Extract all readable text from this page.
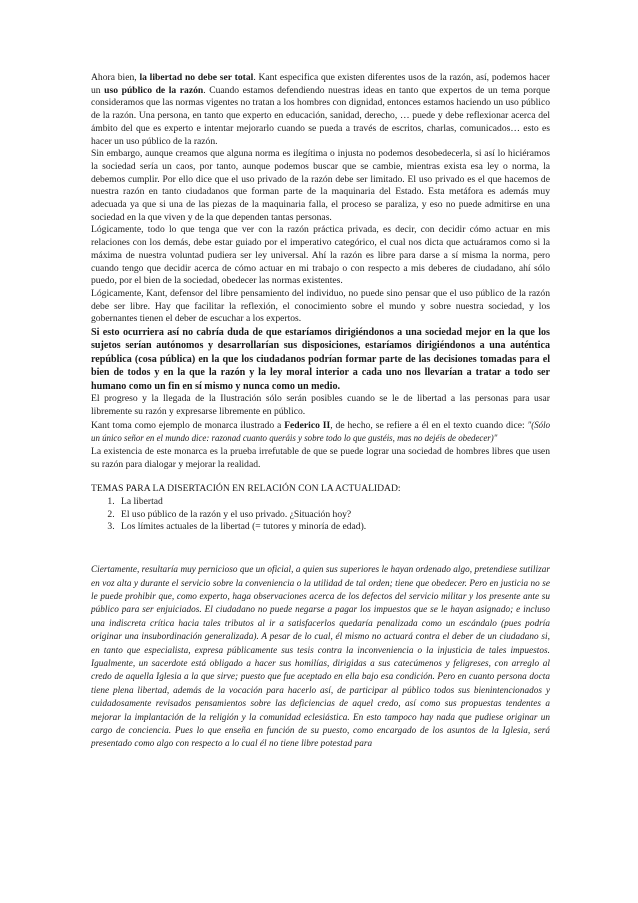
Ahora bien, la libertad no debe ser total. Kant especifica que existen diferentes usos de la razón, así, podemos hacer un uso público de la razón. Cuando estamos defendiendo nuestras ideas en tanto que expertos de un tema porque consideramos que las normas vigentes no tratan a los hombres con dignidad, entonces estamos haciendo un uso público de la razón. Una persona, en tanto que experto en educación, sanidad, derecho, … puede y debe reflexionar acerca del ámbito del que es experto e intentar mejorarlo cuando se pueda a través de escritos, charlas, comunicados… esto es hacer un uso público de la razón.

Sin embargo, aunque creamos que alguna norma es ilegítima o injusta no podemos desobedecerla, si así lo hiciéramos la sociedad sería un caos, por tanto, aunque podemos buscar que se cambie, mientras exista esa ley o norma, la debemos cumplir. Por ello dice que el uso privado de la razón debe ser limitado. El uso privado es el que hacemos de nuestra razón en tanto ciudadanos que forman parte de la maquinaria del Estado. Esta metáfora es además muy adecuada ya que si una de las piezas de la maquinaria falla, el proceso se paraliza, y eso no puede admitirse en una sociedad en la que viven y de la que dependen tantas personas.

Lógicamente, todo lo que tenga que ver con la razón práctica privada, es decir, con decidir cómo actuar en mis relaciones con los demás, debe estar guiado por el imperativo categórico, el cual nos dicta que actuáramos como si la máxima de nuestra voluntad pudiera ser ley universal. Ahí la razón es libre para darse a sí misma la norma, pero cuando tengo que decidir acerca de cómo actuar en mi trabajo o con respecto a mis deberes de ciudadano, ahí sólo puedo, por el bien de la sociedad, obedecer las normas existentes.

Lógicamente, Kant, defensor del libre pensamiento del individuo, no puede sino pensar que el uso público de la razón debe ser libre. Hay que facilitar la reflexión, el conocimiento sobre el mundo y sobre nuestra sociedad, y los gobernantes tienen el deber de escuchar a los expertos.

Si esto ocurriera así no cabría duda de que estaríamos dirigiéndonos a una sociedad mejor en la que los sujetos serían autónomos y desarrollarían sus disposiciones, estaríamos dirigiéndonos a una auténtica república (cosa pública) en la que los ciudadanos podrían formar parte de las decisiones tomadas para el bien de todos y en la que la razón y la ley moral interior a cada uno nos llevarían a tratar a todo ser humano como un fin en sí mismo y nunca como un medio.

El progreso y la llegada de la Ilustración sólo serán posibles cuando se le de libertad a las personas para usar libremente su razón y expresarse libremente en público.

Kant toma como ejemplo de monarca ilustrado a Federico II, de hecho, se refiere a él en el texto cuando dice: "(Sólo un único señor en el mundo dice: razonad cuanto queráis y sobre todo lo que gustéis, mas no dejéis de obedecer)"

La existencia de este monarca es la prueba irrefutable de que se puede lograr una sociedad de hombres libres que usen su razón para dialogar y mejorar la realidad.

TEMAS PARA LA DISERTACIÓN EN RELACIÓN CON LA ACTUALIDAD:

1. La libertad
2. El uso público de la razón y el uso privado. ¿Situación hoy?
3. Los límites actuales de la libertad (= tutores y minoría de edad).

Ciertamente, resultaría muy pernicioso que un oficial, a quien sus superiores le hayan ordenado algo, pretendiese sutilizar en voz alta y durante el servicio sobre la conveniencia o la utilidad de tal orden; tiene que obedecer. Pero en justicia no se le puede prohibir que, como experto, haga observaciones acerca de los defectos del servicio militar y los presente ante su público para ser enjuiciados. El ciudadano no puede negarse a pagar los impuestos que se le hayan asignado; e incluso una indiscreta crítica hacia tales tributos al ir a satisfacerlos quedaría penalizada como un escándalo (pues podría originar una insubordinación generalizada). A pesar de lo cual, él mismo no actuará contra el deber de un ciudadano si, en tanto que especialista, expresa públicamente sus tesis contra la inconveniencia o la injusticia de tales impuestos. Igualmente, un sacerdote está obligado a hacer sus homilías, dirigidas a sus catecúmenos y feligreses, con arreglo al credo de aquella Iglesia a la que sirve; puesto que fue aceptado en ella bajo esa condición. Pero en cuanto persona docta tiene plena libertad, además de la vocación para hacerlo así, de participar al público todos sus bienintencionados y cuidadosamente revisados pensamientos sobre las deficiencias de aquel credo, así como sus propuestas tendentes a mejorar la implantación de la religión y la comunidad eclesiástica. En esto tampoco hay nada que pudiese originar un cargo de conciencia. Pues lo que enseña en función de su puesto, como encargado de los asuntos de la Iglesia, será presentado como algo con respecto a lo cual él no tiene libre potestad para
